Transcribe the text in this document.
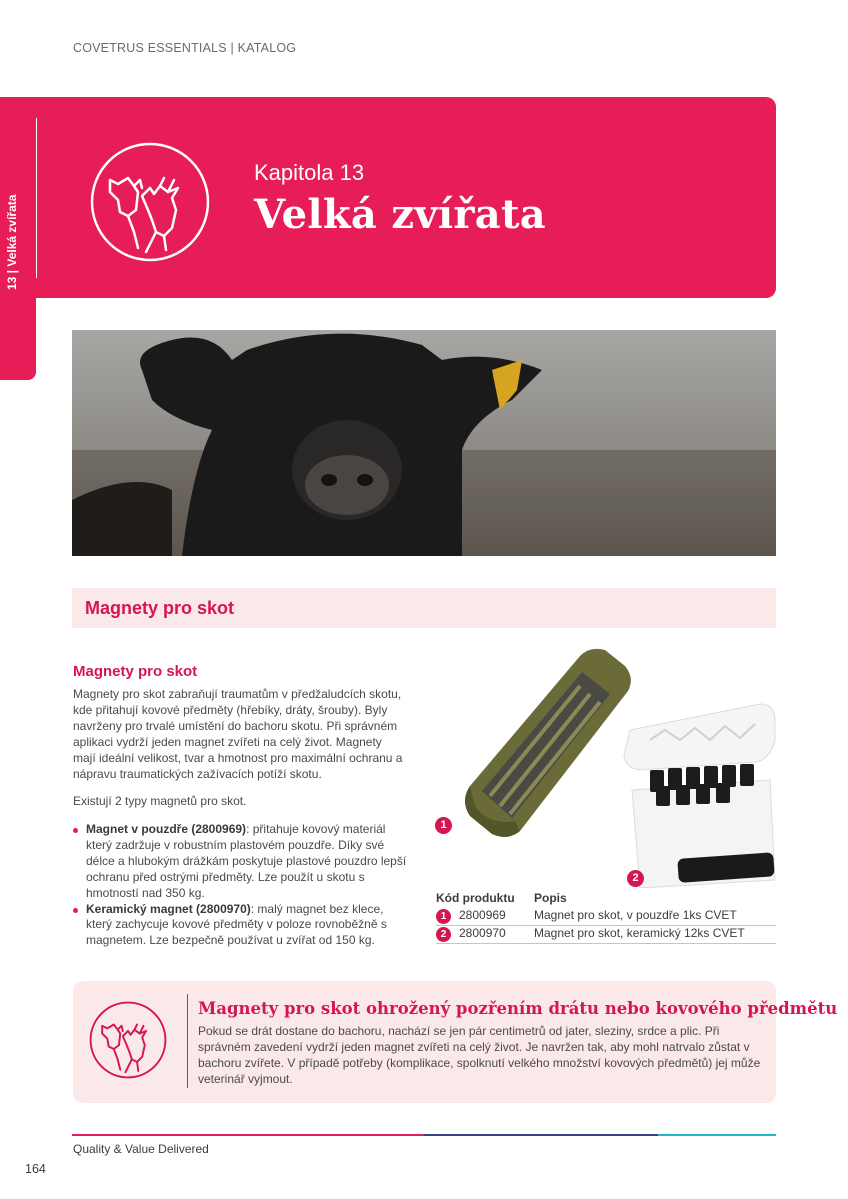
COVETRUS ESSENTIALS | KATALOG
Kapitola 13
Velká zvířata
Magnety pro skot
Magnety pro skot
Magnety pro skot zabraňují traumatům v předžaludcích skotu, kde přitahují kovové předměty (hřebíky, dráty, šrouby). Byly navrženy pro trvalé umístění do bachoru skotu. Při správném aplikaci vydrží jeden magnet zvířeti na celý život. Magnety mají ideální velikost, tvar a hmotnost pro maximální ochranu a nápravu traumatických zažívacích potíží skotu.
Existují 2 typy magnetů pro skot.
Magnet v pouzdře (2800969): přitahuje kovový materiál který zadržuje v robustním plastovém pouzdře. Díky své délce a hlubokým drážkám poskytuje plastové pouzdro lepší ochranu před ostrými předměty. Lze použít u skotu s hmotností nad 350 kg.
Keramický magnet (2800970): malý magnet bez klece, který zachycuje kovové předměty v poloze rovnoběžně s magnetem. Lze bezpečně používat u zvířat od 150 kg.
1
2
Kód produktu Popis
1	2800969 Magnet pro skot, v pouzdře 1ks CVET
2	2800970 Magnet pro skot, keramický 12ks CVET
Magnety pro skot ohrožený pozřením drátu nebo kovového předmětu
Pokud se drát dostane do bachoru, nachází se jen pár centimetrů od jater, sleziny, srdce a plic. Při správném zavedení vydrží jeden magnet zvířeti na celý život. Je navržen tak, aby mohl natrvalo zůstat v bachoru zvířete. V případě potřeby (komplikace, spolknutí velkého množství kovových předmětů) jej může veterinář vyjmout.
Quality & Value Delivered
164
